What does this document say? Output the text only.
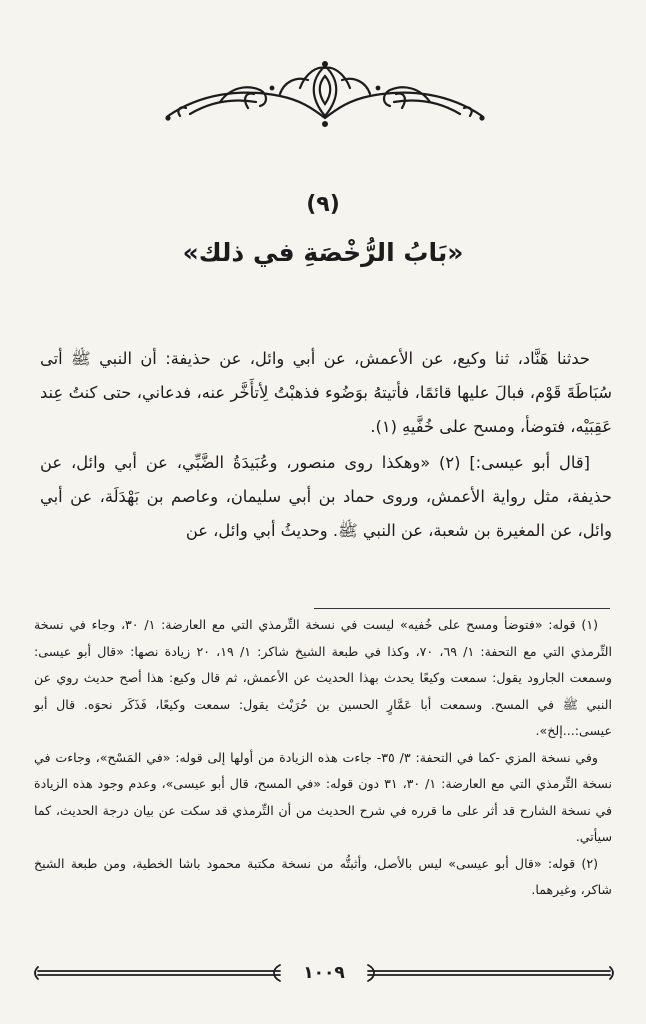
(٩)
«بَابُ الرُّخْصَةِ في ذلك»

حدثنا هَنَّاد، ثنا وكيع، عن الأعمش، عن أبي وائل، عن حذيفة: أن النبي ﷺ أتى سُبَاطَةَ قَوْم، فبالَ عليها قائمًا، فأتيتهُ بوَضُوء فذهبْتُ لِأتأَخَّر عنه، فدعاني، حتى كنتُ عِند عَقِبَيْه، فتوضأ، ومسح على خُفَّيهِ (١).

[قال أبو عيسى:] (٢) «وهكذا روى منصور، وعُبَيدَةُ الضَّبِّي، عن أبي وائل، عن حذيفة، مثل رواية الأعمش، وروى حماد بن أبي سليمان، وعاصم بن بَهْدَلَة، عن أبي وائل، عن المغيرة بن شعبة، عن النبي ﷺ. وحديثُ أبي وائل، عن

(١) قوله: «فتوضأ ومسح على خُفيه» ليست في نسخة التِّرمذي التي مع العارضة: ١/ ٣٠، وجاء في نسخة التِّرمذي التي مع التحفة: ١/ ٦٩، ٧٠، وكذا في طبعة الشيخ شاكر: ١/ ١٩، ٢٠ زيادة نصها: «قال أبو عيسى: وسمعت الجارود يقول: سمعت وكيعًا يحدث بهذا الحديث عن الأعمش، ثم قال وكيع: هذا أصح حديث روي عن النبي ﷺ في المسح. وسمعت أبا عَمَّارٍ الحسين بن حُرَيْث يقول: سمعت وكيعًا، فَذَكَر نحوَه. قال أبو عيسى:...إلخ».

وفي نسخة المزي -كما في التحفة: ٣/ ٣٥- جاءت هذه الزيادة من أولها إلى قوله: «في المَسْح»، وجاءت في نسخة التِّرمذي التي مع العارضة: ١/ ٣٠، ٣١ دون قوله: «في المسح، قال أبو عيسى»، وعدم وجود هذه الزيادة في نسخة الشارح قد أثر على ما قرره في شرح الحديث من أن التِّرمذي قد سكت عن بيان درجة الحديث، كما سيأتي.

(٢) قوله: «قال أبو عيسى» ليس بالأصل، وأثبتُّه من نسخة مكتبة محمود باشا الخطية، ومن طبعة الشيخ شاكر، وغيرهما.

١٠٠٩
